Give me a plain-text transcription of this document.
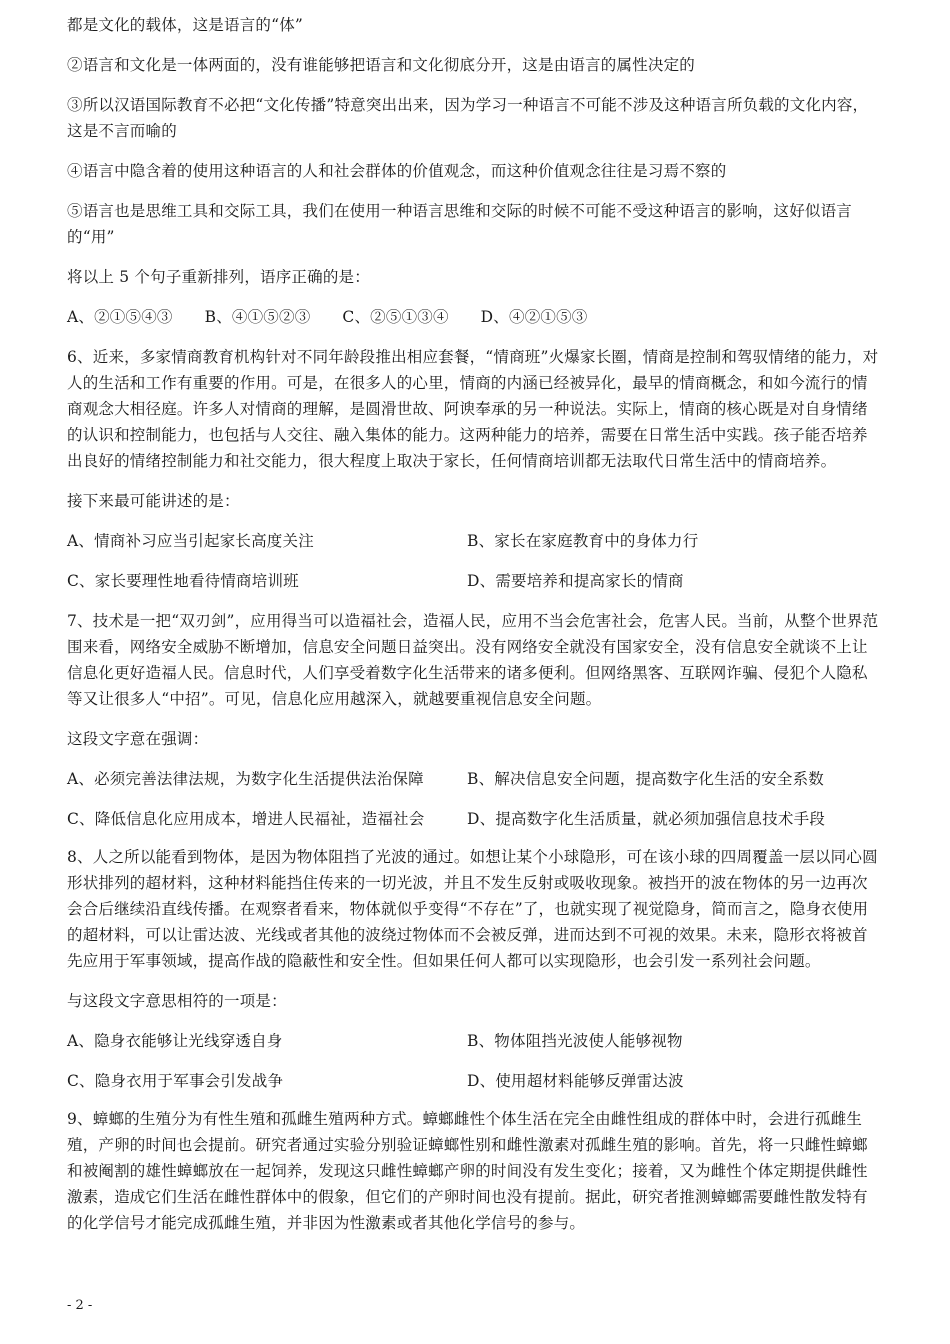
都是文化的载体，这是语言的“体”

②语言和文化是一体两面的，没有谁能够把语言和文化彻底分开，这是由语言的属性决定的

③所以汉语国际教育不必把“文化传播”特意突出出来，因为学习一种语言不可能不涉及这种语言所负载的文化内容，这是不言而喻的

④语言中隐含着的使用这种语言的人和社会群体的价值观念，而这种价值观念往往是习焉不察的

⑤语言也是思维工具和交际工具，我们在使用一种语言思维和交际的时候不可能不受这种语言的影响，这好似语言的“用”

将以上 5 个句子重新排列，语序正确的是：

A、②①⑤④③ B、④①⑤②③ C、②⑤①③④ D、④②①⑤③

6、近来，多家情商教育机构针对不同年龄段推出相应套餐，“情商班”火爆家长圈，情商是控制和驾驭情绪的能力，对人的生活和工作有重要的作用。可是，在很多人的心里，情商的内涵已经被异化，最早的情商概念，和如今流行的情商观念大相径庭。许多人对情商的理解，是圆滑世故、阿谀奉承的另一种说法。实际上，情商的核心既是对自身情绪的认识和控制能力，也包括与人交往、融入集体的能力。这两种能力的培养，需要在日常生活中实践。孩子能否培养出良好的情绪控制能力和社交能力，很大程度上取决于家长，任何情商培训都无法取代日常生活中的情商培养。

接下来最可能讲述的是：

A、情商补习应当引起家长高度关注	B、家长在家庭教育中的身体力行

C、家长要理性地看待情商培训班	D、需要培养和提高家长的情商

7、技术是一把“双刃剑”，应用得当可以造福社会，造福人民，应用不当会危害社会，危害人民。当前，从整个世界范围来看，网络安全威胁不断增加，信息安全问题日益突出。没有网络安全就没有国家安全，没有信息安全就谈不上让信息化更好造福人民。信息时代，人们享受着数字化生活带来的诸多便利。但网络黑客、互联网诈骗、侵犯个人隐私等又让很多人“中招”。可见，信息化应用越深入，就越要重视信息安全问题。

这段文字意在强调：

A、必须完善法律法规，为数字化生活提供法治保障	B、解决信息安全问题，提高数字化生活的安全系数

C、降低信息化应用成本，增进人民福祉，造福社会	D、提高数字化生活质量，就必须加强信息技术手段

8、人之所以能看到物体，是因为物体阻挡了光波的通过。如想让某个小球隐形，可在该小球的四周覆盖一层以同心圆形状排列的超材料，这种材料能挡住传来的一切光波，并且不发生反射或吸收现象。被挡开的波在物体的另一边再次会合后继续沿直线传播。在观察者看来，物体就似乎变得“不存在”了，也就实现了视觉隐身，简而言之，隐身衣使用的超材料，可以让雷达波、光线或者其他的波绕过物体而不会被反弹，进而达到不可视的效果。未来，隐形衣将被首先应用于军事领域，提高作战的隐蔽性和安全性。但如果任何人都可以实现隐形，也会引发一系列社会问题。

与这段文字意思相符的一项是：

A、隐身衣能够让光线穿透自身	B、物体阻挡光波使人能够视物

C、隐身衣用于军事会引发战争	D、使用超材料能够反弹雷达波

9、蟑螂的生殖分为有性生殖和孤雌生殖两种方式。蟑螂雌性个体生活在完全由雌性组成的群体中时，会进行孤雌生殖，产卵的时间也会提前。研究者通过实验分别验证蟑螂性别和雌性激素对孤雌生殖的影响。首先，将一只雌性蟑螂和被阉割的雄性蟑螂放在一起饲养，发现这只雌性蟑螂产卵的时间没有发生变化；接着，又为雌性个体定期提供雌性激素，造成它们生活在雌性群体中的假象，但它们的产卵时间也没有提前。据此，研究者推测蟑螂需要雌性散发特有的化学信号才能完成孤雌生殖，并非因为性激素或者其他化学信号的参与。

- 2 -
